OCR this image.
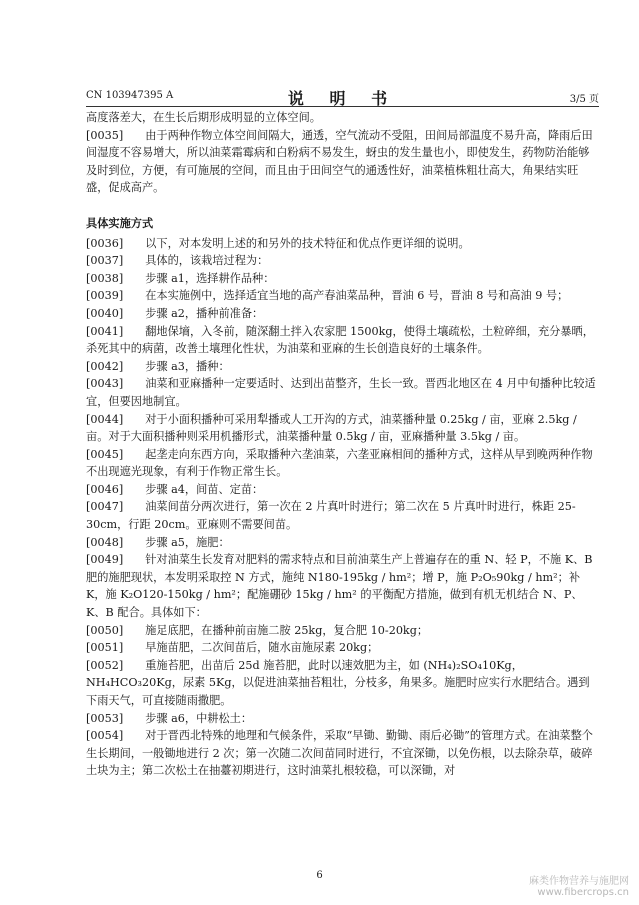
CN 103947395 A	说 明 书	3/5 页

高度落差大，在生长后期形成明显的立体空间。

[0035] 由于两种作物立体空间间隔大，通透，空气流动不受阻，田间局部温度不易升高，降雨后田间湿度不容易增大，所以油菜霜霉病和白粉病不易发生，蚜虫的发生量也小，即使发生，药物防治能够及时到位，方便，有可施展的空间，而且由于田间空气的通透性好，油菜植株粗壮高大，角果结实旺盛，促成高产。

具体实施方式

[0036] 以下，对本发明上述的和另外的技术特征和优点作更详细的说明。

[0037] 具体的，该栽培过程为：

[0038] 步骤 a1，选择耕作品种：

[0039] 在本实施例中，选择适宜当地的高产春油菜品种，晋油 6 号，晋油 8 号和高油 9 号；

[0040] 步骤 a2，播种前准备：

[0041] 翻地保墒，入冬前，随深翻土拌入农家肥 1500kg，使得土壤疏松，土粒碎细，充分暴晒，杀死其中的病菌，改善土壤理化性状，为油菜和亚麻的生长创造良好的土壤条件。

[0042] 步骤 a3，播种：

[0043] 油菜和亚麻播种一定要适时、达到出苗整齐，生长一致。晋西北地区在 4 月中旬播种比较适宜，但要因地制宜。

[0044] 对于小面积播种可采用犁播或人工开沟的方式，油菜播种量 0.25kg / 亩，亚麻 2.5kg / 亩。对于大面积播种则采用机播形式，油菜播种量 0.5kg / 亩，亚麻播种量 3.5kg / 亩。

[0045] 起垄走向东西方向，采取播种六垄油菜，六垄亚麻相间的播种方式，这样从早到晚两种作物不出现遮光现象，有利于作物正常生长。

[0046] 步骤 a4，间苗、定苗：

[0047] 油菜间苗分两次进行，第一次在 2 片真叶时进行；第二次在 5 片真叶时进行，株距 25-30cm，行距 20cm。亚麻则不需要间苗。

[0048] 步骤 a5，施肥：

[0049] 针对油菜生长发育对肥料的需求特点和目前油菜生产上普遍存在的重 N、轻 P，不施 K、B 肥的施肥现状，本发明采取控 N 方式，施纯 N180-195kg / hm²；增 P，施 P₂O₅90kg / hm²；补 K，施 K₂O120-150kg / hm²；配施硼砂 15kg / hm² 的平衡配方措施，做到有机无机结合 N、P、K、B 配合。具体如下：

[0050] 施足底肥，在播种前亩施二胺 25kg，复合肥 10-20kg；

[0051] 早施苗肥，二次间苗后，随水亩施尿素 20kg；

[0052] 重施苔肥，出苗后 25d 施苔肥，此时以速效肥为主，如 (NH₄)₂SO₄10Kg，NH₄HCO₃20Kg，尿素 5Kg，以促进油菜抽苔粗壮，分枝多，角果多。施肥时应实行水肥结合。遇到下雨天气，可直接随雨撒肥。

[0053] 步骤 a6，中耕松土：

[0054] 对于晋西北特殊的地理和气候条件，采取“早锄、勤锄、雨后必锄”的管理方式。在油菜整个生长期间，一般锄地进行 2 次；第一次随二次间苗同时进行，不宜深锄，以免伤根，以去除杂草，破碎土块为主；第二次松土在抽薹初期进行，这时油菜扎根较稳，可以深锄，对

6
麻类作物营养与施肥网
www.fibercrops.cn
